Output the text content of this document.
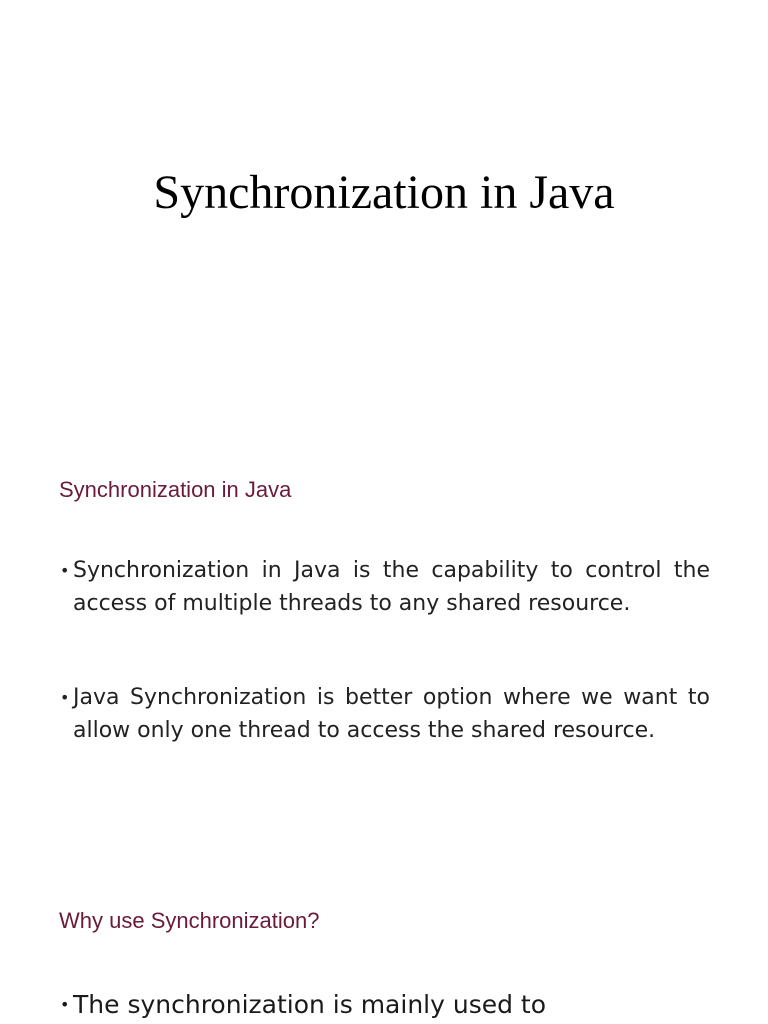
Synchronization in Java
Synchronization in Java
• Synchronization in Java is the capability to control the access of multiple threads to any shared resource.
• Java Synchronization is better option where we want to allow only one thread to access the shared resource.
Why use Synchronization?
• The synchronization is mainly used to
